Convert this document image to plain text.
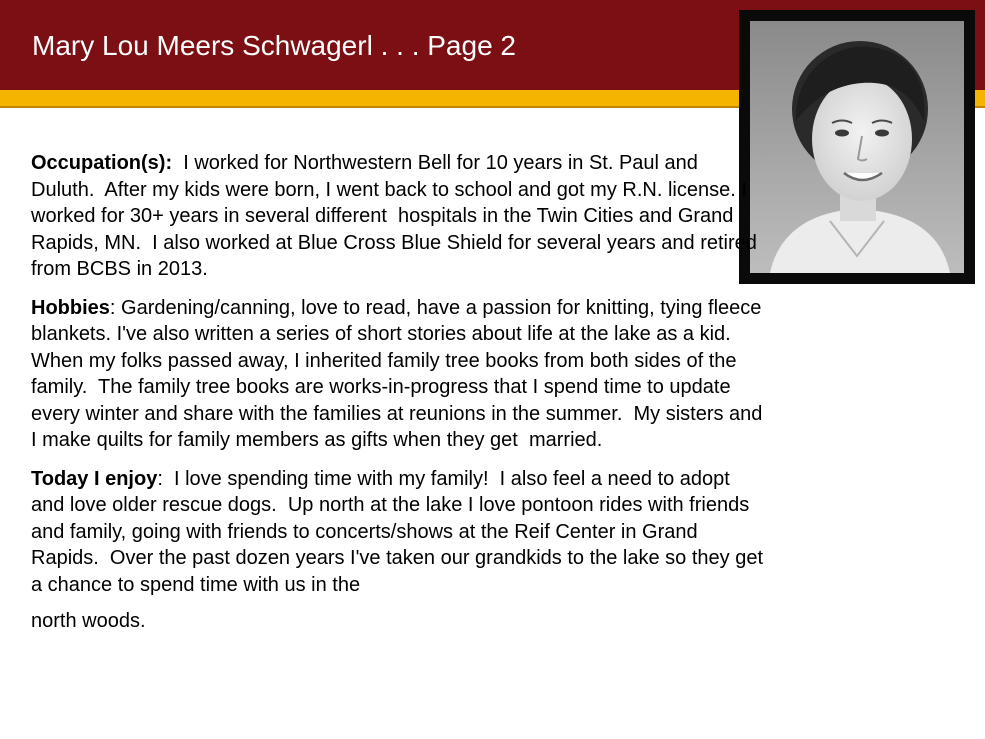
Mary Lou Meers Schwagerl . . . Page 2

Occupation(s):  I worked for Northwestern Bell for 10 years in St. Paul and Duluth.  After my kids were born, I went back to school and got my R.N. license. I worked for 30+ years in several different  hospitals in the Twin Cities and Grand Rapids, MN.  I also worked at Blue Cross Blue Shield for several years and retired from BCBS in 2013.

Hobbies: Gardening/canning, love to read, have a passion for knitting, tying fleece blankets. I've also written a series of short stories about life at the lake as a kid.  When my folks passed away, I inherited family tree books from both sides of the family.  The family tree books are works-in-progress that I spend time to update every winter and share with the families at reunions in the summer.  My sisters and I make quilts for family members as gifts when they get  married.

Today I enjoy:  I love spending time with my family!  I also feel a need to adopt and love older rescue dogs.  Up north at the lake I love pontoon rides with friends and family, going with friends to concerts/shows at the Reif Center in Grand Rapids.  Over the past dozen years I've taken our grandkids to the lake so they get a chance to spend time with us in the

north woods.
